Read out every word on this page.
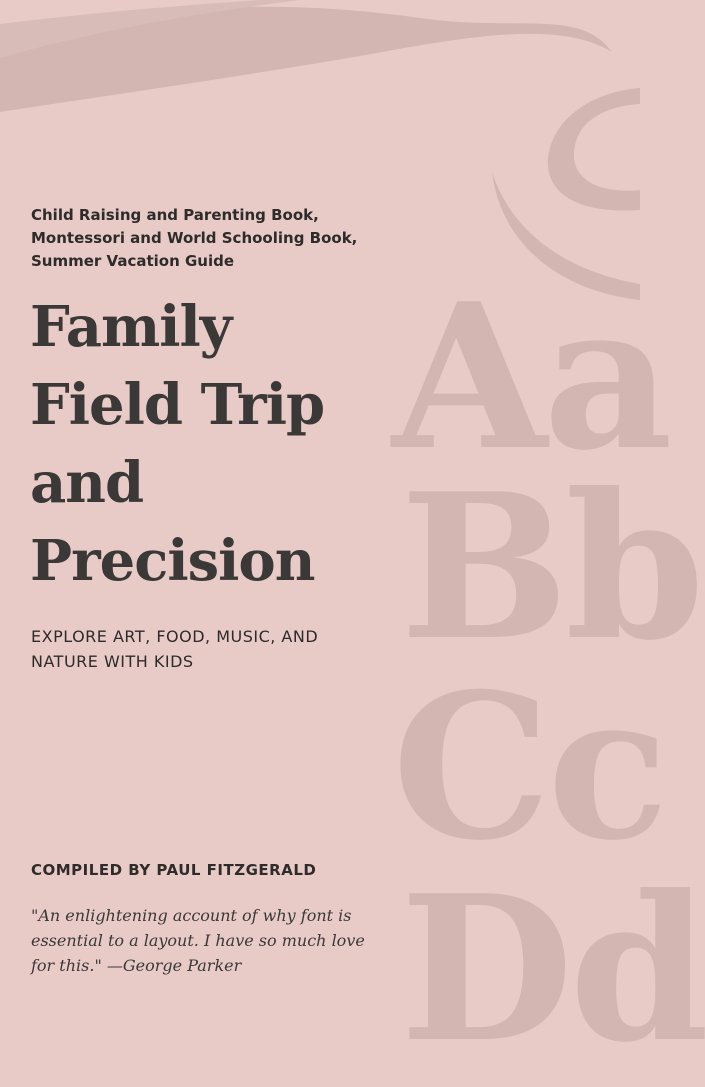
Aa
Bb
Cc
Dd
Child Raising and Parenting Book,
Montessori and World Schooling Book,
Summer Vacation Guide
Family
Field Trip
and
Precision
EXPLORE ART, FOOD, MUSIC, AND
NATURE WITH KIDS
COMPILED BY PAUL FITZGERALD
"An enlightening account of why font is
essential to a layout. I have so much love
for this." —George Parker
